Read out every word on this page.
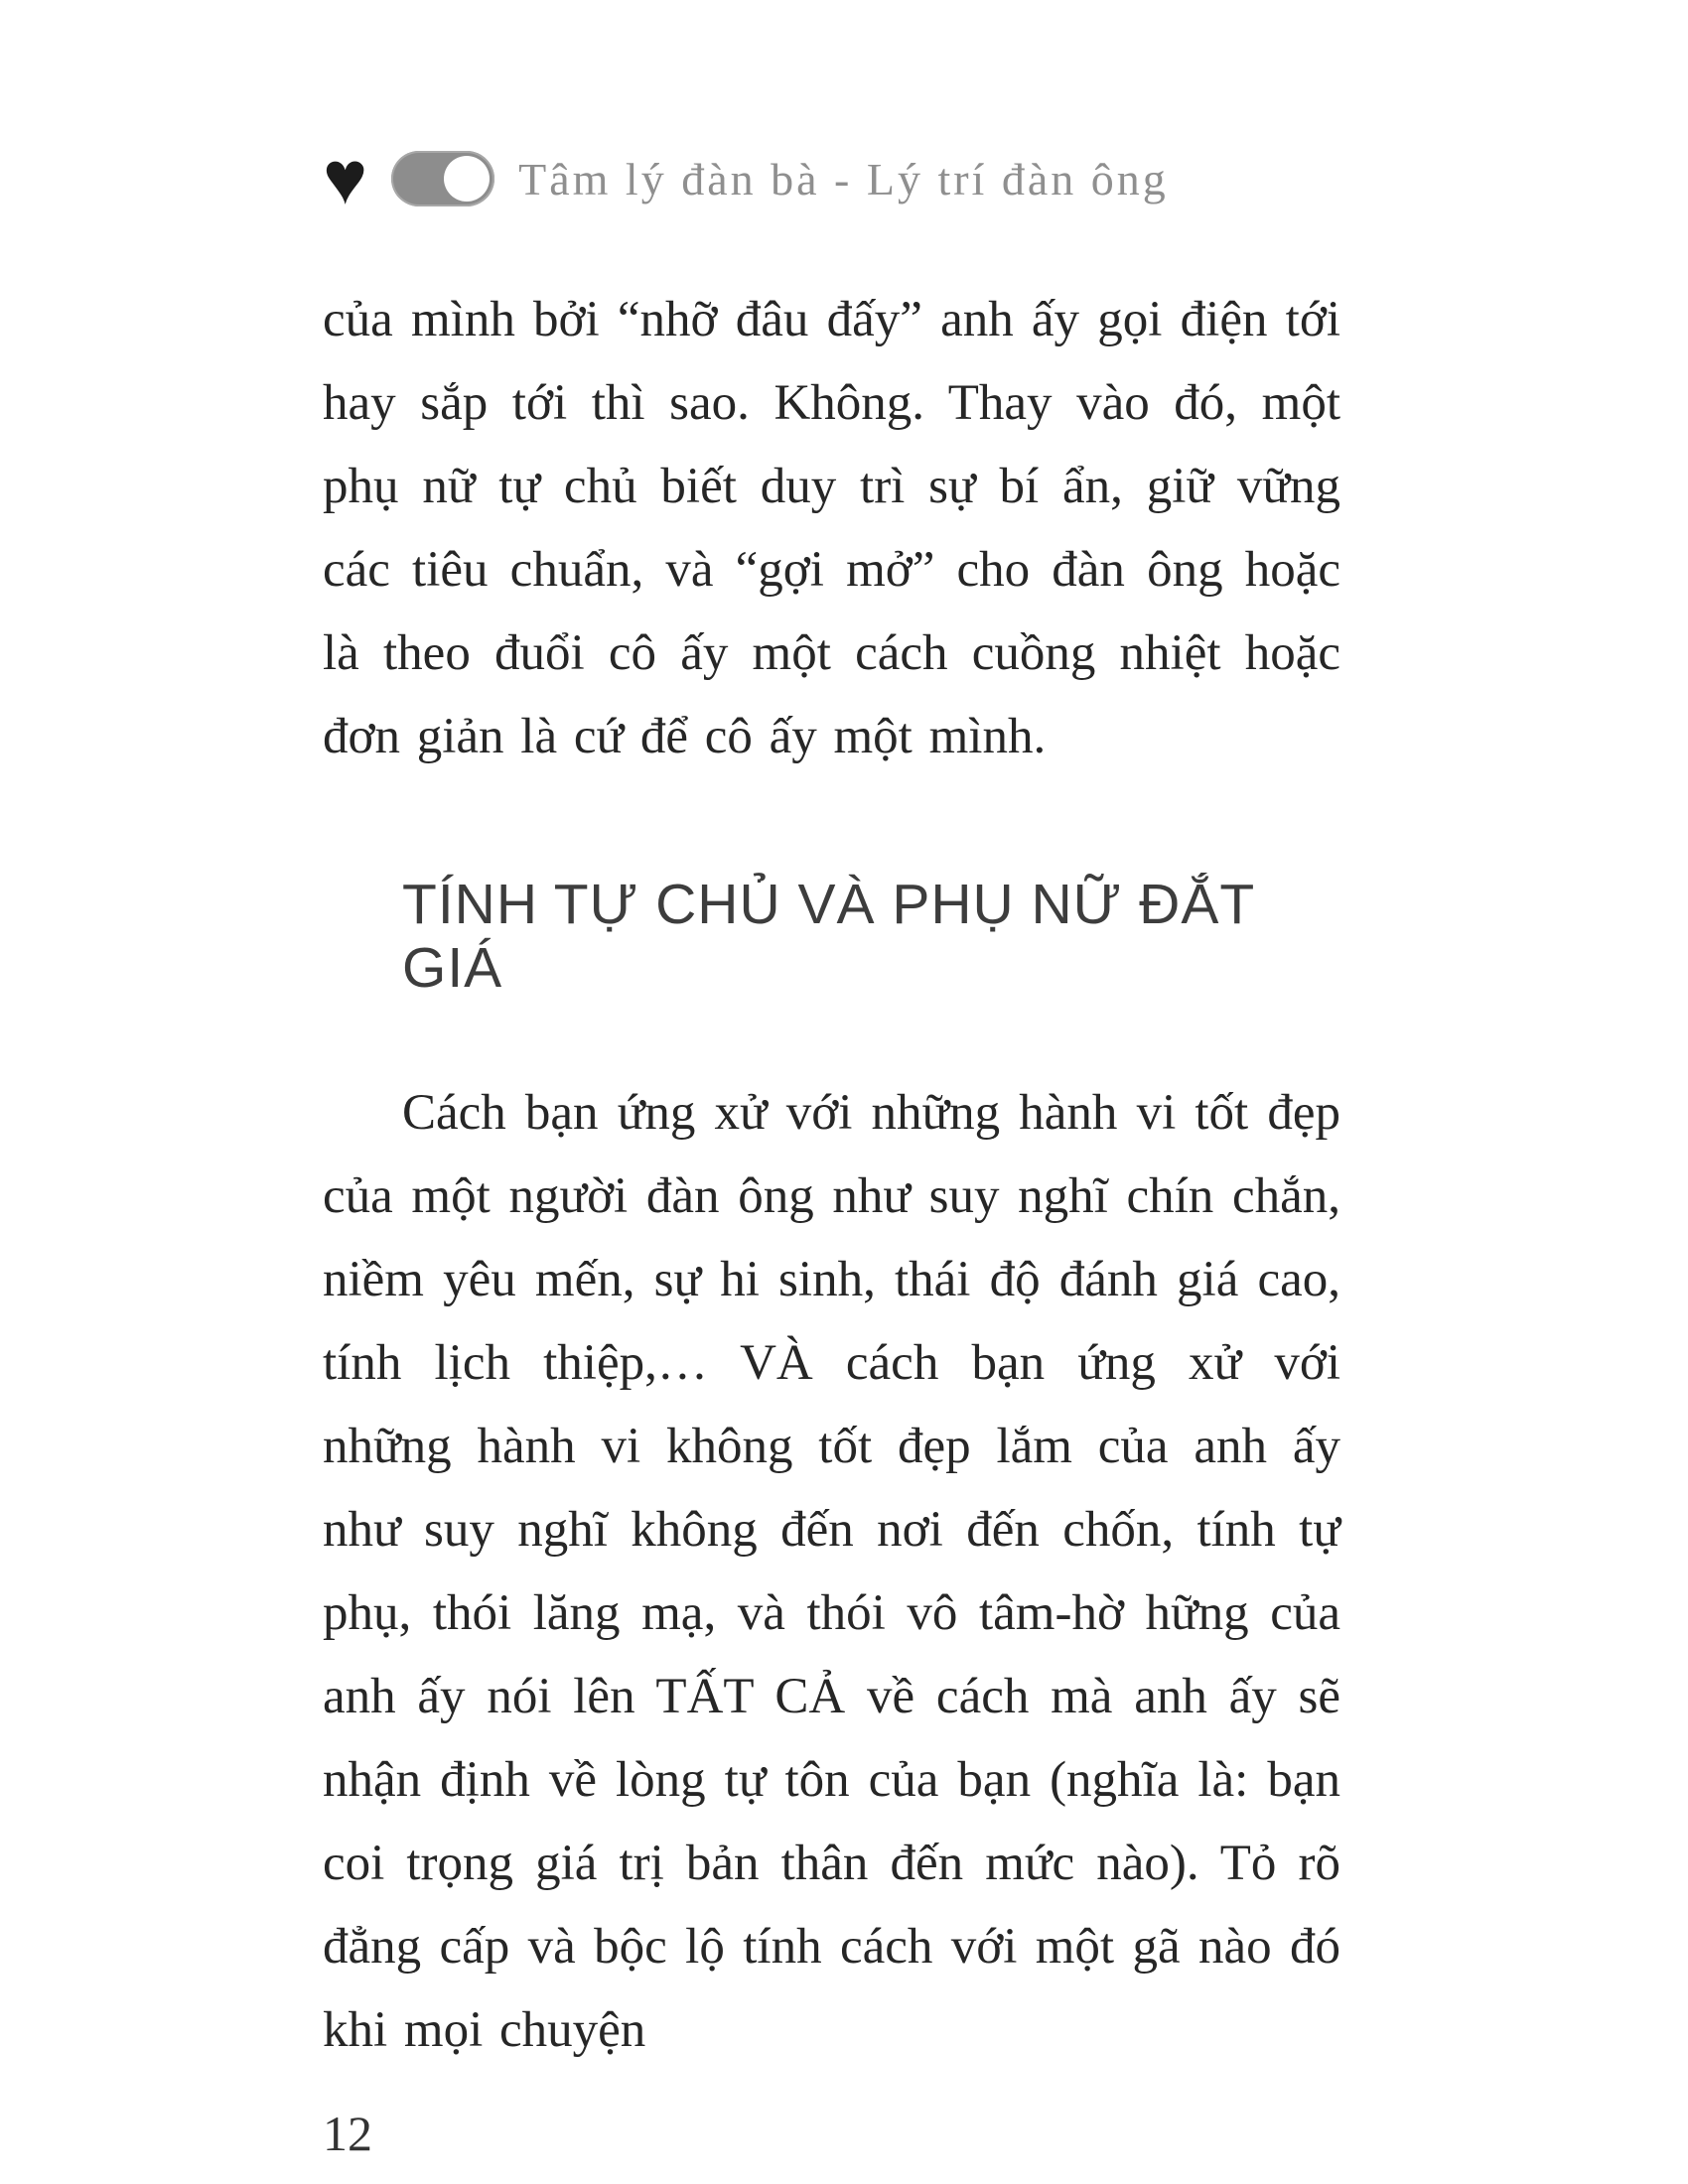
♥	Tâm lý đàn bà - Lý trí đàn ông

của mình bởi “nhỡ đâu đấy” anh ấy gọi điện tới hay sắp tới thì sao. Không. Thay vào đó, một phụ nữ tự chủ biết duy trì sự bí ẩn, giữ vững các tiêu chuẩn, và “gợi mở” cho đàn ông hoặc là theo đuổi cô ấy một cách cuồng nhiệt hoặc đơn giản là cứ để cô ấy một mình.

TÍNH TỰ CHỦ VÀ PHỤ NỮ ĐẮT GIÁ

Cách bạn ứng xử với những hành vi tốt đẹp của một người đàn ông như suy nghĩ chín chắn, niềm yêu mến, sự hi sinh, thái độ đánh giá cao, tính lịch thiệp,… VÀ cách bạn ứng xử với những hành vi không tốt đẹp lắm của anh ấy như suy nghĩ không đến nơi đến chốn, tính tự phụ, thói lăng mạ, và thói vô tâm-hờ hững của anh ấy nói lên TẤT CẢ về cách mà anh ấy sẽ nhận định về lòng tự tôn của bạn (nghĩa là: bạn coi trọng giá trị bản thân đến mức nào). Tỏ rõ đẳng cấp và bộc lộ tính cách với một gã nào đó khi mọi chuyện

12
